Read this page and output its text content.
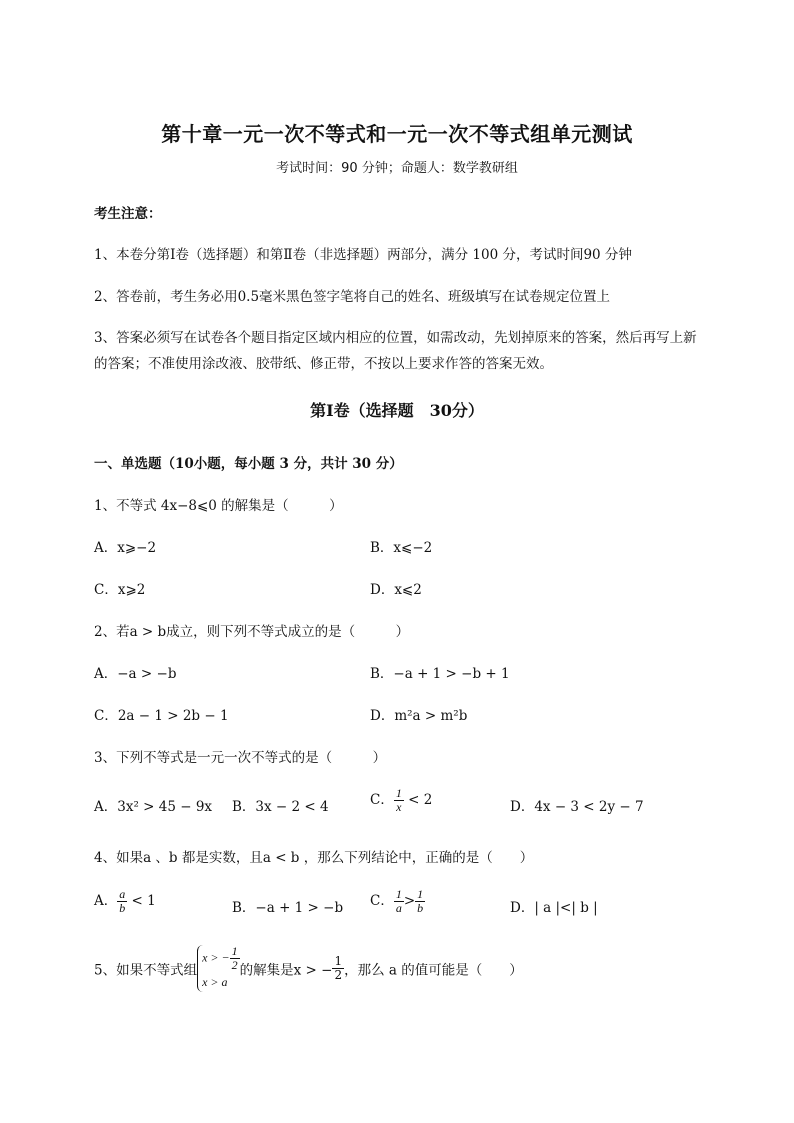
第十章一元一次不等式和一元一次不等式组单元测试
考试时间：90 分钟；命题人：数学教研组
考生注意：
1、本卷分第Ⅰ卷（选择题）和第Ⅱ卷（非选择题）两部分，满分 100 分，考试时间90 分钟
2、答卷前，考生务必用0.5毫米黑色签字笔将自己的姓名、班级填写在试卷规定位置上
3、答案必须写在试卷各个题目指定区域内相应的位置，如需改动，先划掉原来的答案，然后再写上新
的答案；不准使用涂改液、胶带纸、修正带，不按以上要求作答的答案无效。
第Ⅰ卷（选择题　30分）
一、单选题（10小题，每小题 3 分，共计 30 分）
1、不等式 4x−8⩽0 的解集是（　　　）
A．x⩾−2	B．x⩽−2
C．x⩾2	D．x⩽2
2、若a > b成立，则下列不等式成立的是（　　　）
A．−a > −b	B．−a + 1 > −b + 1
C．2a − 1 > 2b − 1	D．m²a > m²b
3、下列不等式是一元一次不等式的是（　　　）
A．3x² > 45 − 9x B．3x − 2 < 4	C． $\frac{1}{x} < 2$	D．4x − 3 < 2y − 7
4、如果a 、b 都是实数，且a < b ，那么下列结论中，正确的是（　　）
A． $\frac{a}{b} < 1$	B．−a + 1 > −b C． $\frac{1}{a} > \frac{1}{b}$	D．| a |<| b |
5、如果不等式组
x > − $\frac{1}{2}$
x > a
的解集是x > − $\frac{1}{2}$ ，那么 a 的值可能是（　　）
